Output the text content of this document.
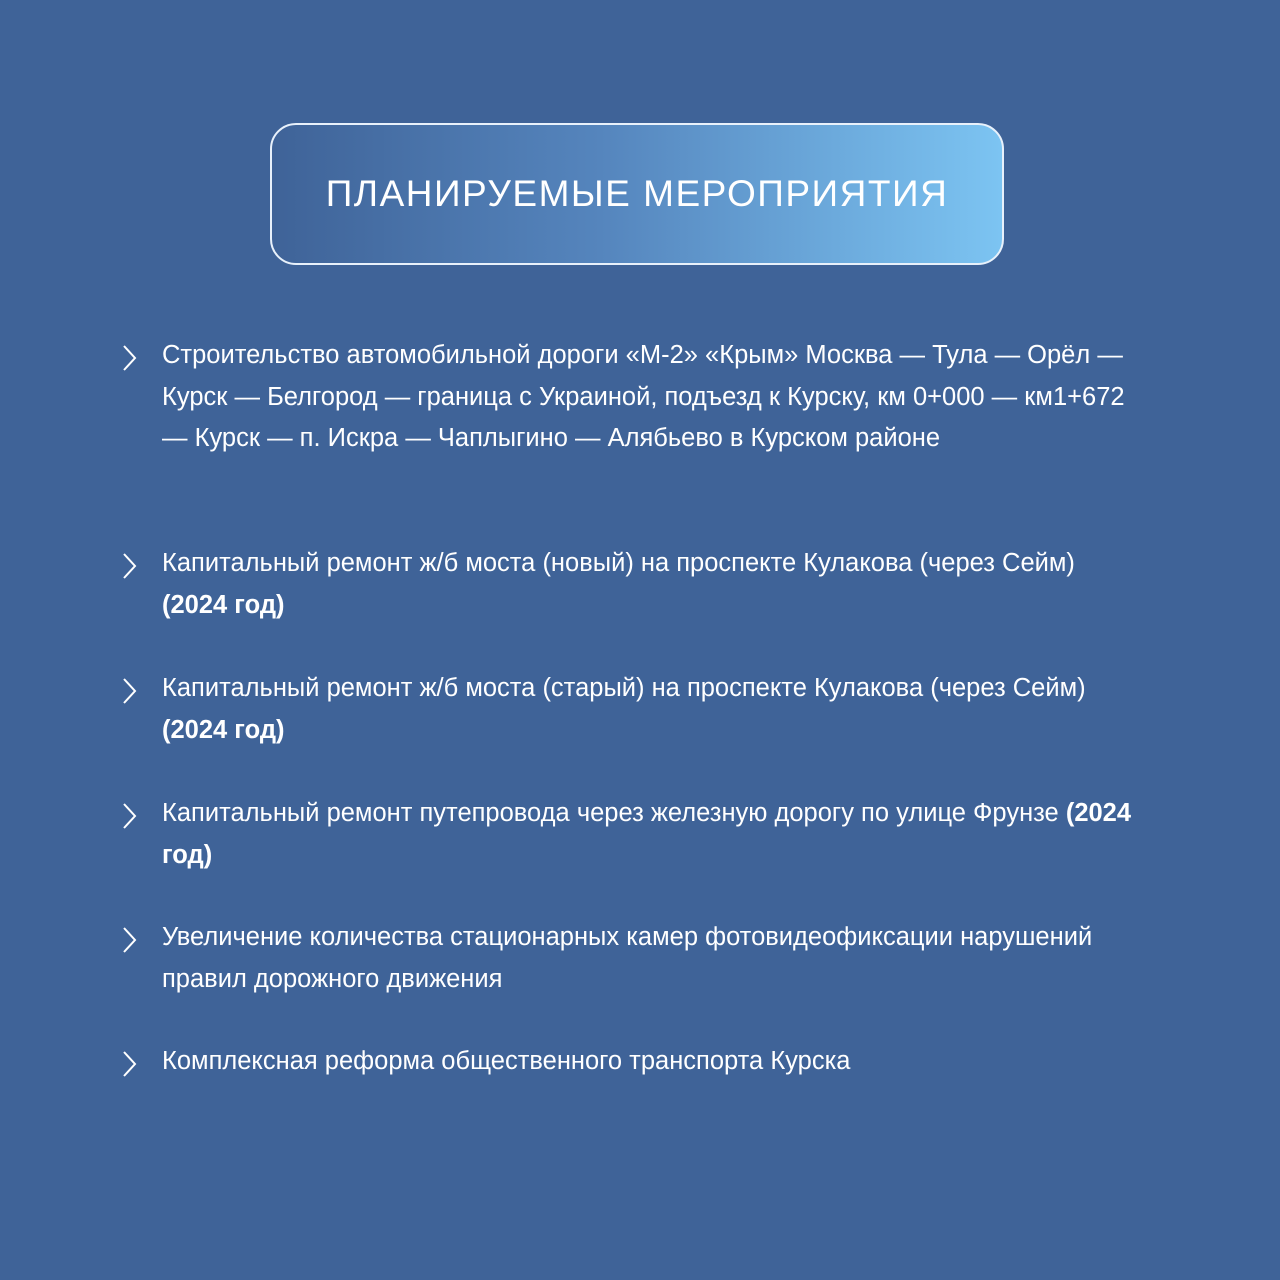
ПЛАНИРУЕМЫЕ МЕРОПРИЯТИЯ
Строительство автомобильной дороги «М-2» «Крым» Москва — Тула — Орёл — Курск — Белгород — граница с Украиной, подъезд к Курску, км 0+000 — км1+672 — Курск — п. Искра — Чаплыгино — Алябьево в Курском районе
Капитальный ремонт ж/б моста (новый) на проспекте Кулакова (через Сейм) (2024 год)
Капитальный ремонт ж/б моста (старый) на проспекте Кулакова (через Сейм) (2024 год)
Капитальный ремонт путепровода через железную дорогу по улице Фрунзе (2024 год)
Увеличение количества стационарных камер фотовидеофиксации нарушений правил дорожного движения
Комплексная реформа общественного транспорта Курска
